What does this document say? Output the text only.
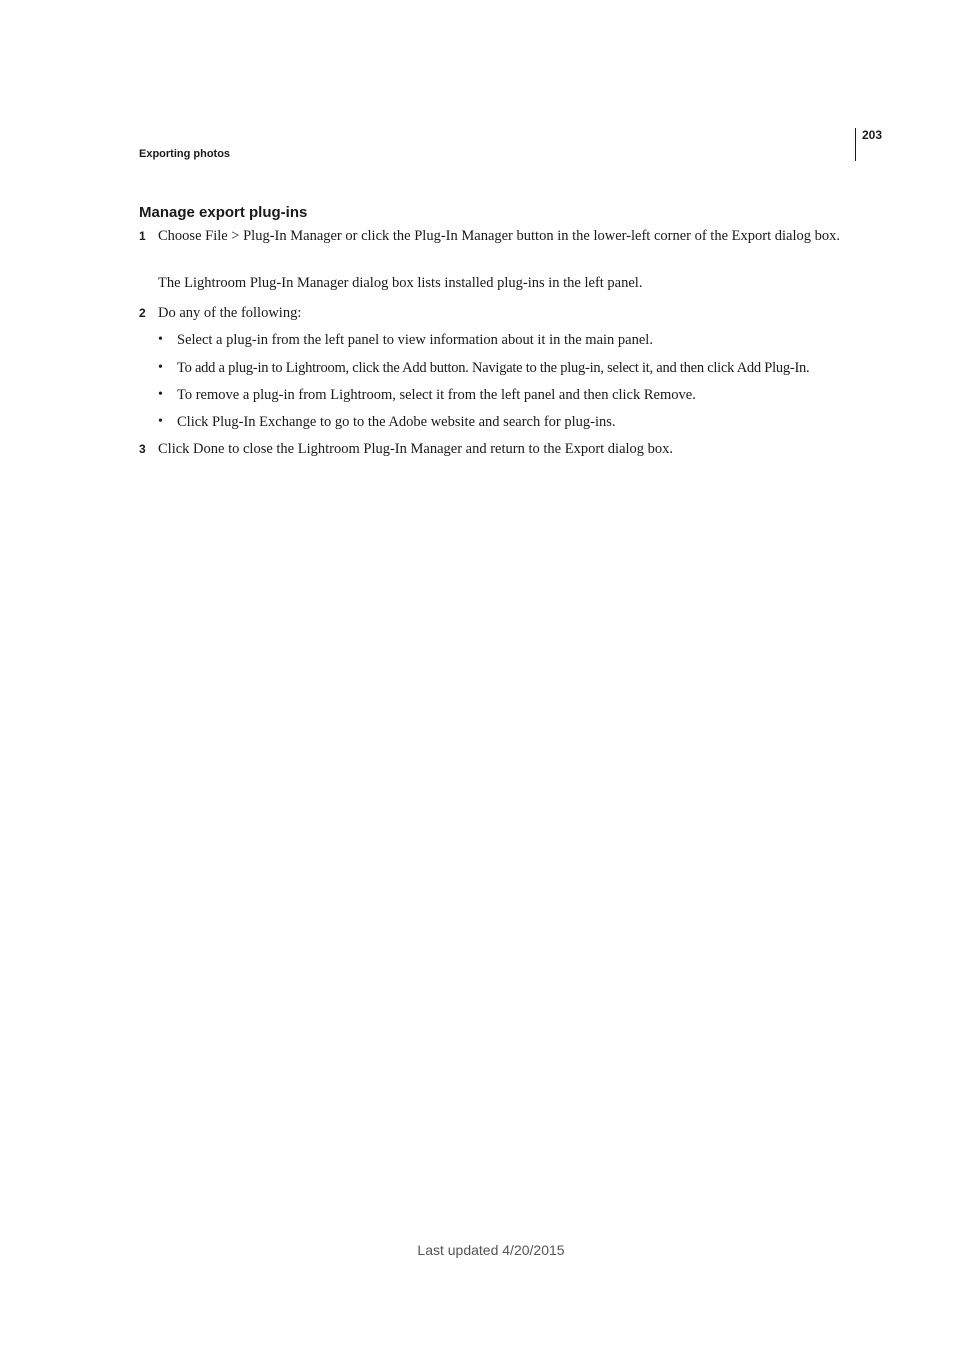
203
Exporting photos
Manage export plug-ins
1 Choose File > Plug-In Manager or click the Plug-In Manager button in the lower-left corner of the Export dialog box.

The Lightroom Plug-In Manager dialog box lists installed plug-ins in the left panel.

2 Do any of the following:

• Select a plug-in from the left panel to view information about it in the main panel.
• To add a plug-in to Lightroom, click the Add button. Navigate to the plug-in, select it, and then click Add Plug-In.
• To remove a plug-in from Lightroom, select it from the left panel and then click Remove.
• Click Plug-In Exchange to go to the Adobe website and search for plug-ins.
3 Click Done to close the Lightroom Plug-In Manager and return to the Export dialog box.

Last updated 4/20/2015
